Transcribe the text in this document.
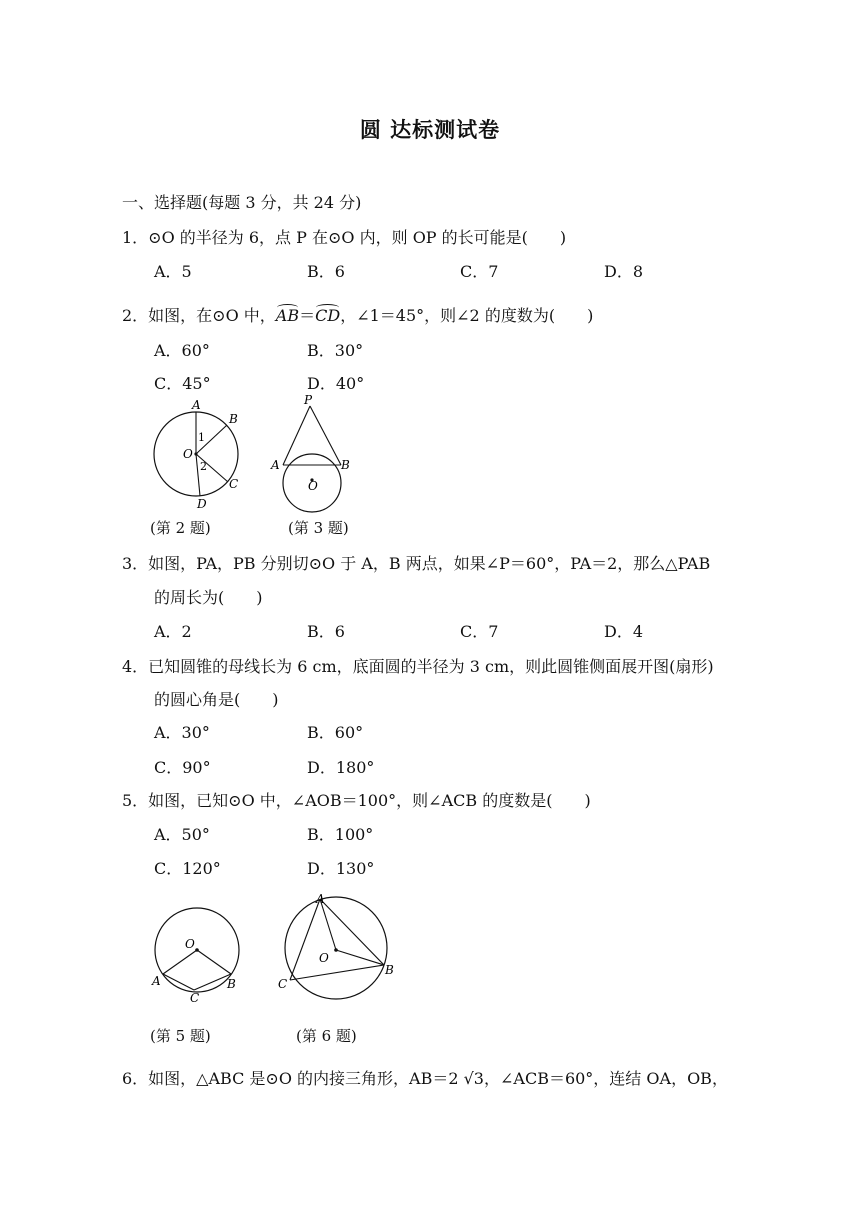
圆 达标测试卷
一、选择题(每题 3 分，共 24 分)
1．⊙O 的半径为 6，点 P 在⊙O 内，则 OP 的长可能是(　　)
A．5	B．6	C．7	D．8
2．如图，在⊙O 中，AB＝CD，∠1＝45°，则∠2 的度数为(　　)
A．60°	B．30°
C．45°	D．40°
A
B
C
D
O
1
2
P
A	B
O
(第 2 题)	(第 3 题)
3．如图，PA，PB 分别切⊙O 于 A，B 两点，如果∠P＝60°，PA＝2，那么△PAB
的周长为(　　)
A．2	B．6	C．7	D．4
4．已知圆锥的母线长为 6 cm，底面圆的半径为 3 cm，则此圆锥侧面展开图(扇形)
的圆心角是(　　)
A．30°	B．60°
C．90°	D．180°
5．如图，已知⊙O 中，∠AOB＝100°，则∠ACB 的度数是(　　)
A．50°	B．100°
C．120°	D．130°
O
A	B
C
A
B
C
O
(第 5 题)	(第 6 题)
6．如图，△ABC 是⊙O 的内接三角形，AB＝2 √3，∠ACB＝60°，连结 OA，OB，
